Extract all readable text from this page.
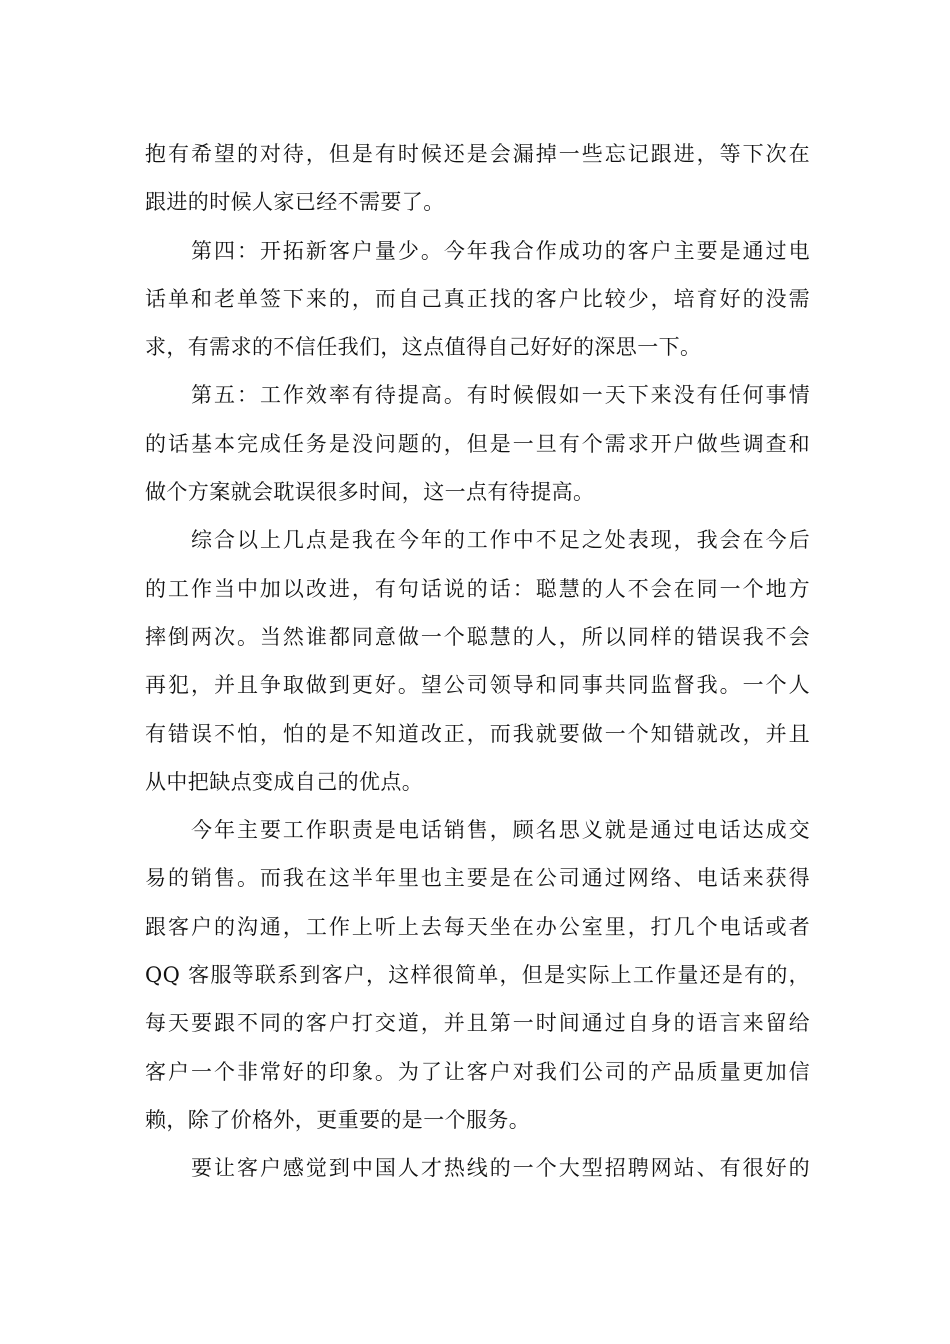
抱有希望的对待，但是有时候还是会漏掉一些忘记跟进，等下次在
跟进的时候人家已经不需要了。
第四：开拓新客户量少。今年我合作成功的客户主要是通过电
话单和老单签下来的，而自己真正找的客户比较少，培育好的没需
求，有需求的不信任我们，这点值得自己好好的深思一下。
第五：工作效率有待提高。有时候假如一天下来没有任何事情
的话基本完成任务是没问题的，但是一旦有个需求开户做些调查和
做个方案就会耽误很多时间，这一点有待提高。
综合以上几点是我在今年的工作中不足之处表现，我会在今后
的工作当中加以改进，有句话说的话：聪慧的人不会在同一个地方
摔倒两次。当然谁都同意做一个聪慧的人，所以同样的错误我不会
再犯，并且争取做到更好。望公司领导和同事共同监督我。一个人
有错误不怕，怕的是不知道改正，而我就要做一个知错就改，并且
从中把缺点变成自己的优点。
今年主要工作职责是电话销售，顾名思义就是通过电话达成交
易的销售。而我在这半年里也主要是在公司通过网络、电话来获得
跟客户的沟通，工作上听上去每天坐在办公室里，打几个电话或者
QQ 客服等联系到客户，这样很简单，但是实际上工作量还是有的，
每天要跟不同的客户打交道，并且第一时间通过自身的语言来留给
客户一个非常好的印象。为了让客户对我们公司的产品质量更加信
赖，除了价格外，更重要的是一个服务。
要让客户感觉到中国人才热线的一个大型招聘网站、有很好的
